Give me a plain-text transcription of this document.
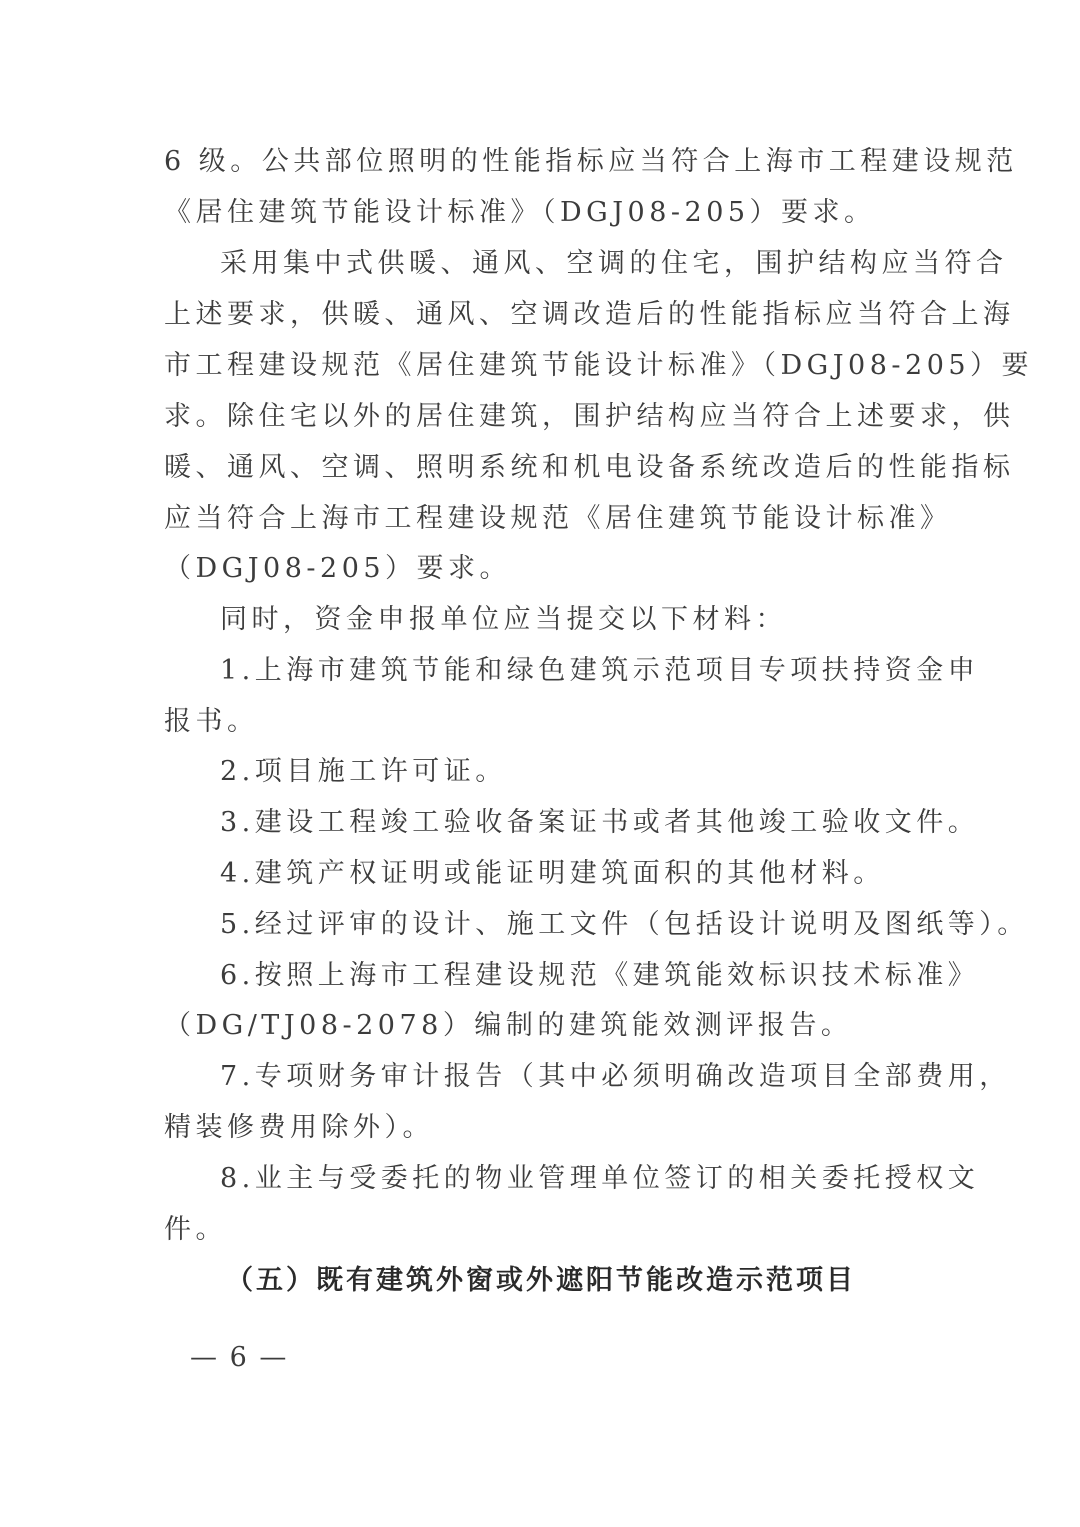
6 级。公共部位照明的性能指标应当符合上海市工程建设规范
《居住建筑节能设计标准》（DGJ08-205）要求。
采用集中式供暖、通风、空调的住宅，围护结构应当符合
上述要求，供暖、通风、空调改造后的性能指标应当符合上海
市工程建设规范《居住建筑节能设计标准》（DGJ08-205）要
求。除住宅以外的居住建筑，围护结构应当符合上述要求，供
暖、通风、空调、照明系统和机电设备系统改造后的性能指标
应当符合上海市工程建设规范《居住建筑节能设计标准》
（DGJ08-205）要求。
同时，资金申报单位应当提交以下材料：
1.上海市建筑节能和绿色建筑示范项目专项扶持资金申
报书。
2.项目施工许可证。
3.建设工程竣工验收备案证书或者其他竣工验收文件。
4.建筑产权证明或能证明建筑面积的其他材料。
5.经过评审的设计、施工文件（包括设计说明及图纸等）。
6.按照上海市工程建设规范《建筑能效标识技术标准》
（DG/TJ08-2078）编制的建筑能效测评报告。
7.专项财务审计报告（其中必须明确改造项目全部费用，
精装修费用除外）。
8.业主与受委托的物业管理单位签订的相关委托授权文
件。
（五）既有建筑外窗或外遮阳节能改造示范项目
— 6 —
